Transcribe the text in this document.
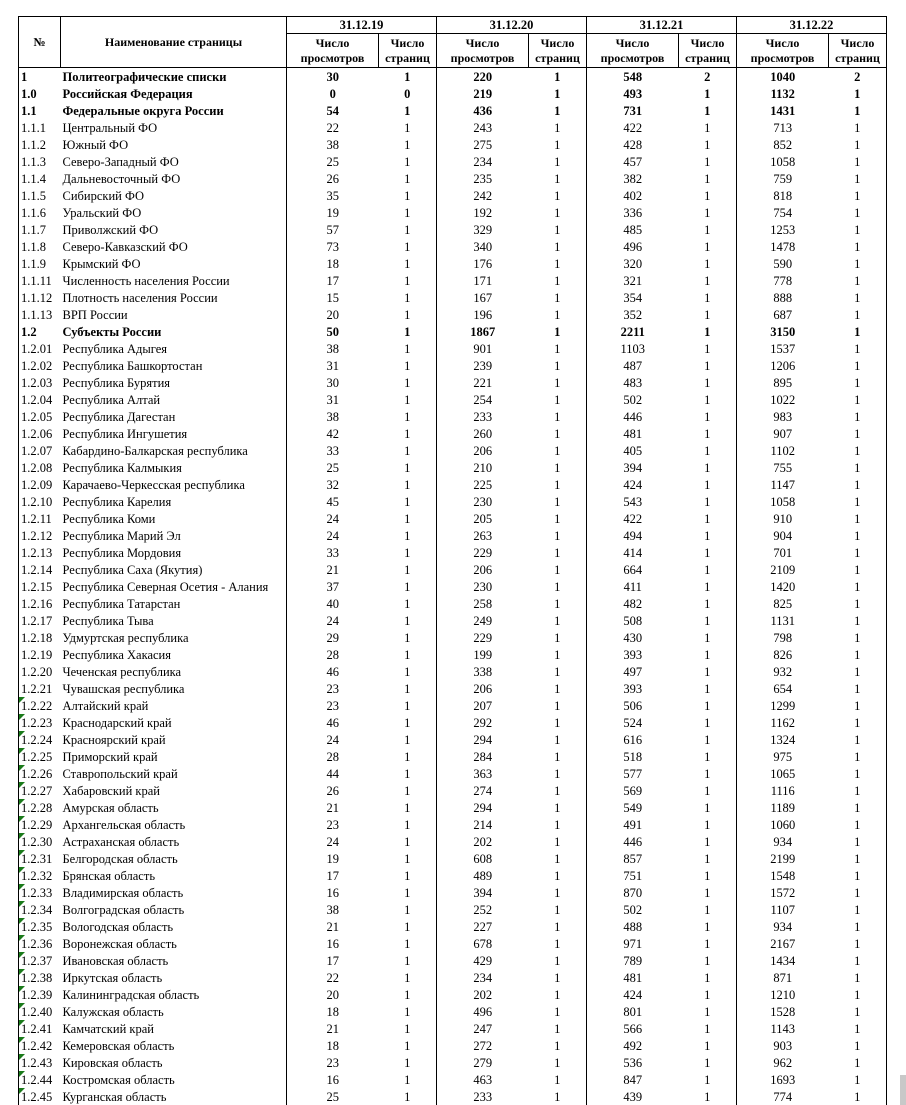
№	Наименование страницы	31.12.19		31.12.20		31.12.21		31.12.22	
		Число просмотров	Число страниц	Число просмотров	Число страниц	Число просмотров	Число страниц	Число просмотров	Число страниц
1	Политеографические списки	30	1	220	1	548	2	1040	2
1.0	Российская Федерация	0	0	219	1	493	1	1132	1
1.1	Федеральные округа России	54	1	436	1	731	1	1431	1
1.1.1	Центральный ФО	22	1	243	1	422	1	713	1
1.1.2	Южный ФО	38	1	275	1	428	1	852	1
1.1.3	Северо-Западный ФО	25	1	234	1	457	1	1058	1
1.1.4	Дальневосточный ФО	26	1	235	1	382	1	759	1
1.1.5	Сибирский ФО	35	1	242	1	402	1	818	1
1.1.6	Уральский ФО	19	1	192	1	336	1	754	1
1.1.7	Приволжский ФО	57	1	329	1	485	1	1253	1
1.1.8	Северо-Кавказский ФО	73	1	340	1	496	1	1478	1
1.1.9	Крымский ФО	18	1	176	1	320	1	590	1
1.1.11	Численность населения России	17	1	171	1	321	1	778	1
1.1.12	Плотность населения России	15	1	167	1	354	1	888	1
1.1.13	ВРП России	20	1	196	1	352	1	687	1
1.2	Субъекты России	50	1	1867	1	2211	1	3150	1
1.2.01	Республика Адыгея	38	1	901	1	1103	1	1537	1
1.2.02	Республика Башкортостан	31	1	239	1	487	1	1206	1
1.2.03	Республика Бурятия	30	1	221	1	483	1	895	1
1.2.04	Республика Алтай	31	1	254	1	502	1	1022	1
1.2.05	Республика Дагестан	38	1	233	1	446	1	983	1
1.2.06	Республика Ингушетия	42	1	260	1	481	1	907	1
1.2.07	Кабардино-Балкарская республика	33	1	206	1	405	1	1102	1
1.2.08	Республика Калмыкия	25	1	210	1	394	1	755	1
1.2.09	Карачаево-Черкесская республика	32	1	225	1	424	1	1147	1
1.2.10	Республика Карелия	45	1	230	1	543	1	1058	1
1.2.11	Республика Коми	24	1	205	1	422	1	910	1
1.2.12	Республика Марий Эл	24	1	263	1	494	1	904	1
1.2.13	Республика Мордовия	33	1	229	1	414	1	701	1
1.2.14	Республика Саха (Якутия)	21	1	206	1	664	1	2109	1
1.2.15	Республика Северная Осетия - Алания	37	1	230	1	411	1	1420	1
1.2.16	Республика Татарстан	40	1	258	1	482	1	825	1
1.2.17	Республика Тыва	24	1	249	1	508	1	1131	1
1.2.18	Удмуртская республика	29	1	229	1	430	1	798	1
1.2.19	Республика Хакасия	28	1	199	1	393	1	826	1
1.2.20	Чеченская республика	46	1	338	1	497	1	932	1
1.2.21	Чувашская республика	23	1	206	1	393	1	654	1
1.2.22	Алтайский край	23	1	207	1	506	1	1299	1
1.2.23	Краснодарский край	46	1	292	1	524	1	1162	1
1.2.24	Красноярский край	24	1	294	1	616	1	1324	1
1.2.25	Приморский край	28	1	284	1	518	1	975	1
1.2.26	Ставропольский край	44	1	363	1	577	1	1065	1
1.2.27	Хабаровский край	26	1	274	1	569	1	1116	1
1.2.28	Амурская область	21	1	294	1	549	1	1189	1
1.2.29	Архангельская область	23	1	214	1	491	1	1060	1
1.2.30	Астраханская область	24	1	202	1	446	1	934	1
1.2.31	Белгородская область	19	1	608	1	857	1	2199	1
1.2.32	Брянская область	17	1	489	1	751	1	1548	1
1.2.33	Владимирская область	16	1	394	1	870	1	1572	1
1.2.34	Волгоградская область	38	1	252	1	502	1	1107	1
1.2.35	Вологодская область	21	1	227	1	488	1	934	1
1.2.36	Воронежская область	16	1	678	1	971	1	2167	1
1.2.37	Ивановская область	17	1	429	1	789	1	1434	1
1.2.38	Иркутская область	22	1	234	1	481	1	871	1
1.2.39	Калининградская область	20	1	202	1	424	1	1210	1
1.2.40	Калужская область	18	1	496	1	801	1	1528	1
1.2.41	Камчатский край	21	1	247	1	566	1	1143	1
1.2.42	Кемеровская область	18	1	272	1	492	1	903	1
1.2.43	Кировская область	23	1	279	1	536	1	962	1
1.2.44	Костромская область	16	1	463	1	847	1	1693	1
1.2.45	Курганская область	25	1	233	1	439	1	774	1
